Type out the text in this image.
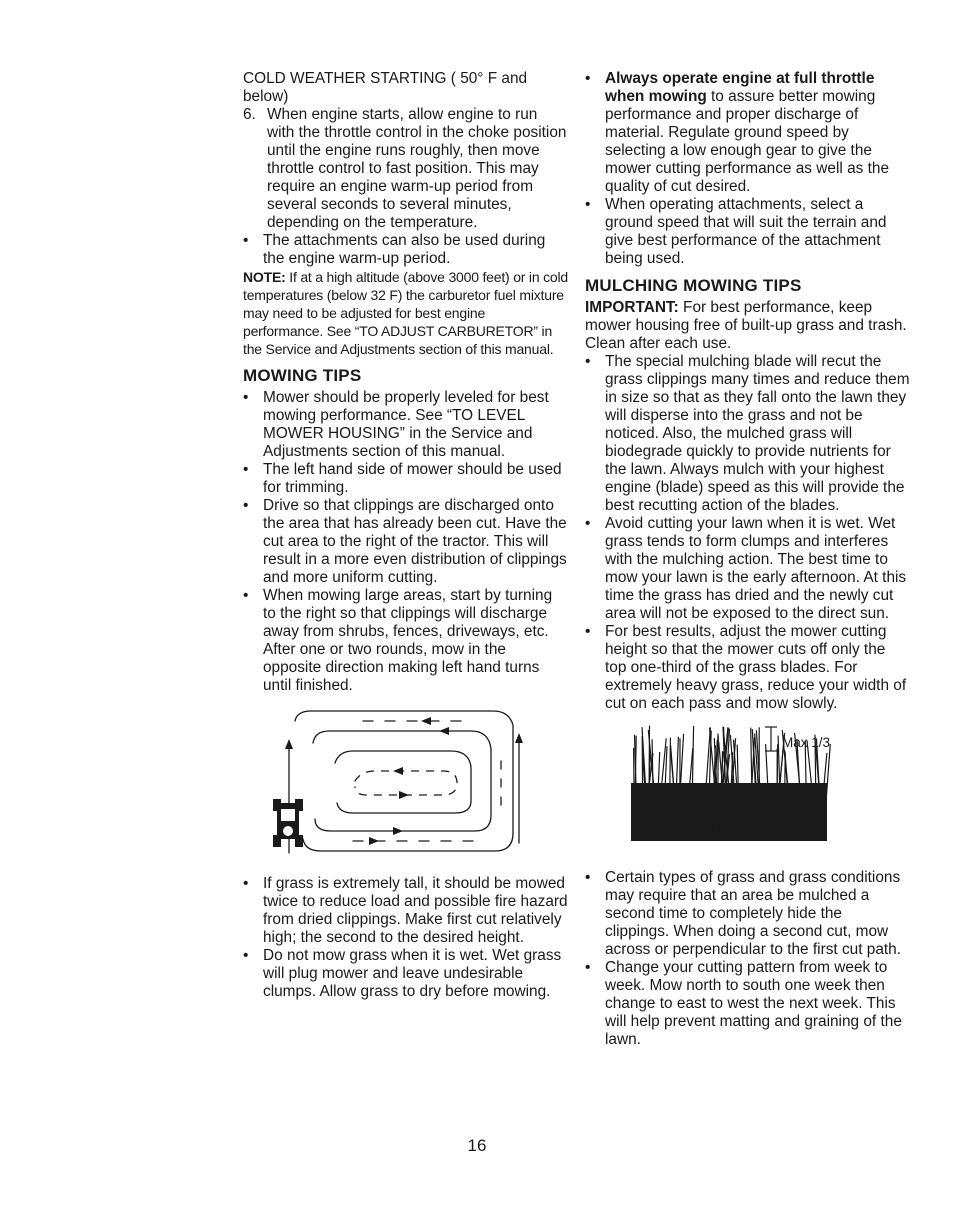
COLD WEATHER STARTING ( 50° F and below)

6. When engine starts, allow engine to run with the throttle control in the choke position until the engine runs roughly, then move throttle control to fast position. This may require an engine warm-up period from several seconds to several minutes, depending on the temperature.
• The attachments can also be used during the engine warm-up period.

NOTE: If at a high altitude (above 3000 feet) or in cold temperatures (below 32 F) the carburetor fuel mixture may need to be adjusted for best engine performance. See “TO ADJUST CARBURETOR” in the Service and Adjustments section of this manual.

MOWING TIPS
• Mower should be properly leveled for best mowing performance. See “TO LEVEL MOWER HOUSING” in the Service and Adjustments section of this manual.
• The left hand side of mower should be used for trimming.
• Drive so that clippings are discharged onto the area that has already been cut. Have the cut area to the right of the tractor. This will result in a more even distribution of clippings and more uniform cutting.
• When mowing large areas, start by turning to the right so that clippings will discharge away from shrubs, fences, driveways, etc. After one or two rounds, mow in the opposite direction making left hand turns until finished.
• If grass is extremely tall, it should be mowed twice to reduce load and possible fire hazard from dried clippings. Make first cut relatively high; the second to the desired height.
• Do not mow grass when it is wet. Wet grass will plug mower and leave undesirable clumps. Allow grass to dry before mowing.
• Always operate engine at full throttle when mowing to assure better mowing performance and proper discharge of material. Regulate ground speed by selecting a low enough gear to give the mower cutting performance as well as the quality of cut desired.
• When operating attachments, select a ground speed that will suit the terrain and give best performance of the attachment being used.
MULCHING MOWING TIPS

IMPORTANT: For best performance, keep mower housing free of built-up grass and trash. Clean after each use.

• The special mulching blade will recut the grass clippings many times and reduce them in size so that as they fall onto the lawn they will disperse into the grass and not be noticed. Also, the mulched grass will biodegrade quickly to provide nutrients for the lawn. Always mulch with your highest engine (blade) speed as this will provide the best recutting action of the blades.
• Avoid cutting your lawn when it is wet. Wet grass tends to form clumps and interferes with the mulching action. The best time to mow your lawn is the early afternoon. At this time the grass has dried and the newly cut area will not be exposed to the direct sun.
• For best results, adjust the mower cutting height so that the mower cuts off only the top one-third of the grass blades. For extremely heavy grass, reduce your width of cut on each pass and mow slowly.
Max 1/3
• Certain types of grass and grass conditions may require that an area be mulched a second time to completely hide the clippings. When doing a second cut, mow across or perpendicular to the first cut path.
• Change your cutting pattern from week to week. Mow north to south one week then change to east to west the next week. This will help prevent matting and graining of the lawn.
16
